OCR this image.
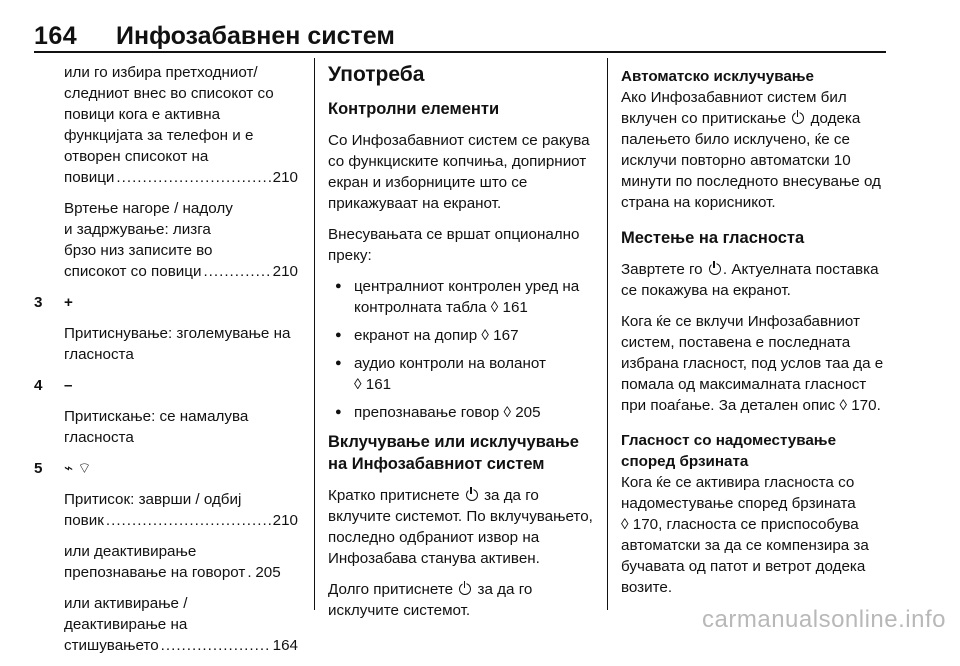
164 Инфозабавнен систем

или го избира претходниот/следниот внес во списокот со повици кога е активна функцијата за телефон и е отворен списокот на
повици .....	210

Вртење нагоре / надолу
и задржување: лизга
брзо низ записите во
списокот со повици .....	210

3	+

Притиснување: зголемување на гласноста

4	–

Притискање: се намалува гласноста

5	⌁ ⌔

Притисок: заврши / одбиј
повик .....	210

или деактивирање
препознавање на говорот ..... 205

или активирање /
деактивирање на
стишувањето .....	164

Употреба
Контролни елементи

Со Инфозабавниот систем се ракува со функциските копчиња, допирниот екран и изборниците што се прикажуваат на екранот.

Внесувањата се вршат опционално преку:

● централниот контролен уред на контролната табла ◊ 161
● екранот на допир ◊ 167
● аудио контроли на воланот
◊ 161
● препознавање говор ◊ 205
Вклучување или исклучување на Инфозабавниот систем

Кратко притиснете за да го вклучите системот. По вклучувањето, последно одбраниот извор на Инфозабава станува активен.

Долго притиснете за да го исклучите системот.

Автоматско исклучување

Ако Инфозабавниот систем бил вклучен со притискање додека палењето било исклучено, ќе се исклучи повторно автоматски 10 минути по последното внесување од страна на корисникот.

Местење на гласноста

Завртете го . Актуелната поставка се покажува на екранот.

Кога ќе се вклучи Инфозабавниот систем, поставена е последната избрана гласност, под услов таа да е помала од максималната гласност при поаѓање. За детален опис ◊ 170.

Гласност со надоместување според брзината

Кога ќе се активира гласноста со надоместување според брзината
◊ 170, гласноста се приспособува автоматски за да се компензира за бучавата од патот и ветрот додека возите.

carmanualsonline.info
